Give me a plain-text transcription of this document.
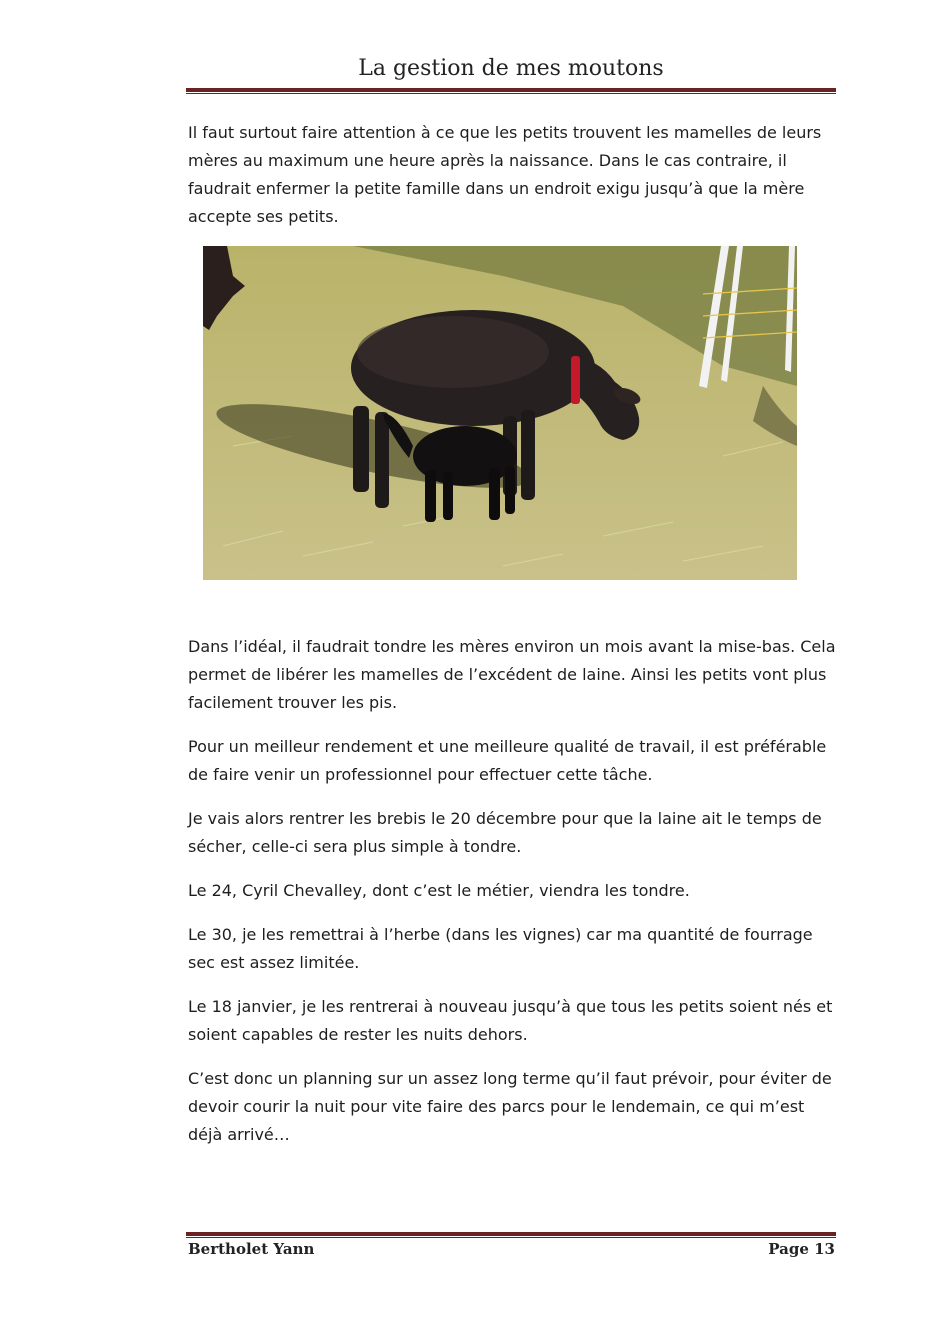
La gestion de mes moutons

Il faut surtout faire attention à ce que les petits trouvent les mamelles de leurs mères au maximum une heure après la naissance. Dans le cas contraire, il faudrait enfermer la petite famille dans un endroit exigu jusqu’à que la mère accepte ses petits.

Dans l’idéal, il faudrait tondre les mères environ un mois avant la mise-bas. Cela permet de libérer les mamelles de l’excédent de laine. Ainsi les petits vont plus facilement trouver les pis.

Pour un meilleur rendement et une meilleure qualité de travail, il est préférable de faire venir un professionnel pour effectuer cette tâche.

Je vais alors rentrer les brebis le 20 décembre pour que la laine ait le temps de sécher, celle-ci sera plus simple à tondre.

Le 24, Cyril Chevalley, dont c’est le métier, viendra les tondre.

Le 30, je les remettrai à l’herbe (dans les vignes) car ma quantité de fourrage sec est assez limitée.

Le 18 janvier, je les rentrerai à nouveau jusqu’à que tous les petits soient nés et soient capables de rester les nuits dehors.

C’est donc un planning sur un assez long terme qu’il faut prévoir, pour éviter de devoir courir la nuit pour vite faire des parcs pour le lendemain, ce qui m’est déjà arrivé…

Bertholet Yann	Page 13
